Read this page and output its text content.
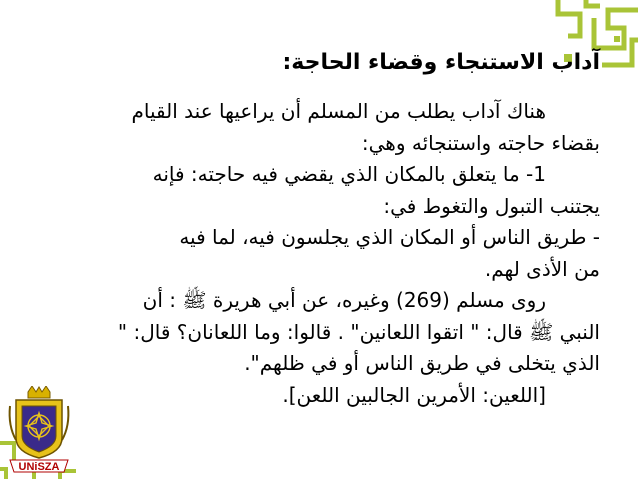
آداب الاستنجاء وقضاء الحاجة:
هناك آداب يطلب من المسلم أن يراعيها عند القيام
بقضاء حاجته واستنجائه وهي:
1- ما يتعلق بالمكان الذي يقضي فيه حاجته: فإنه
يجتنب التبول والتغوط في:
- طريق الناس أو المكان الذي يجلسون فيه، لما فيه
من الأذى لهم.
روى مسلم (269) وغيره، عن أبي هريرة ﷺ : أن
النبي ﷺ قال: " اتقوا اللعانين" . قالوا: وما اللعانان؟ قال: "
الذي يتخلى في طريق الناس أو في ظلهم".
[اللعين: الأمرين الجالبين اللعن].
UNiSZA
